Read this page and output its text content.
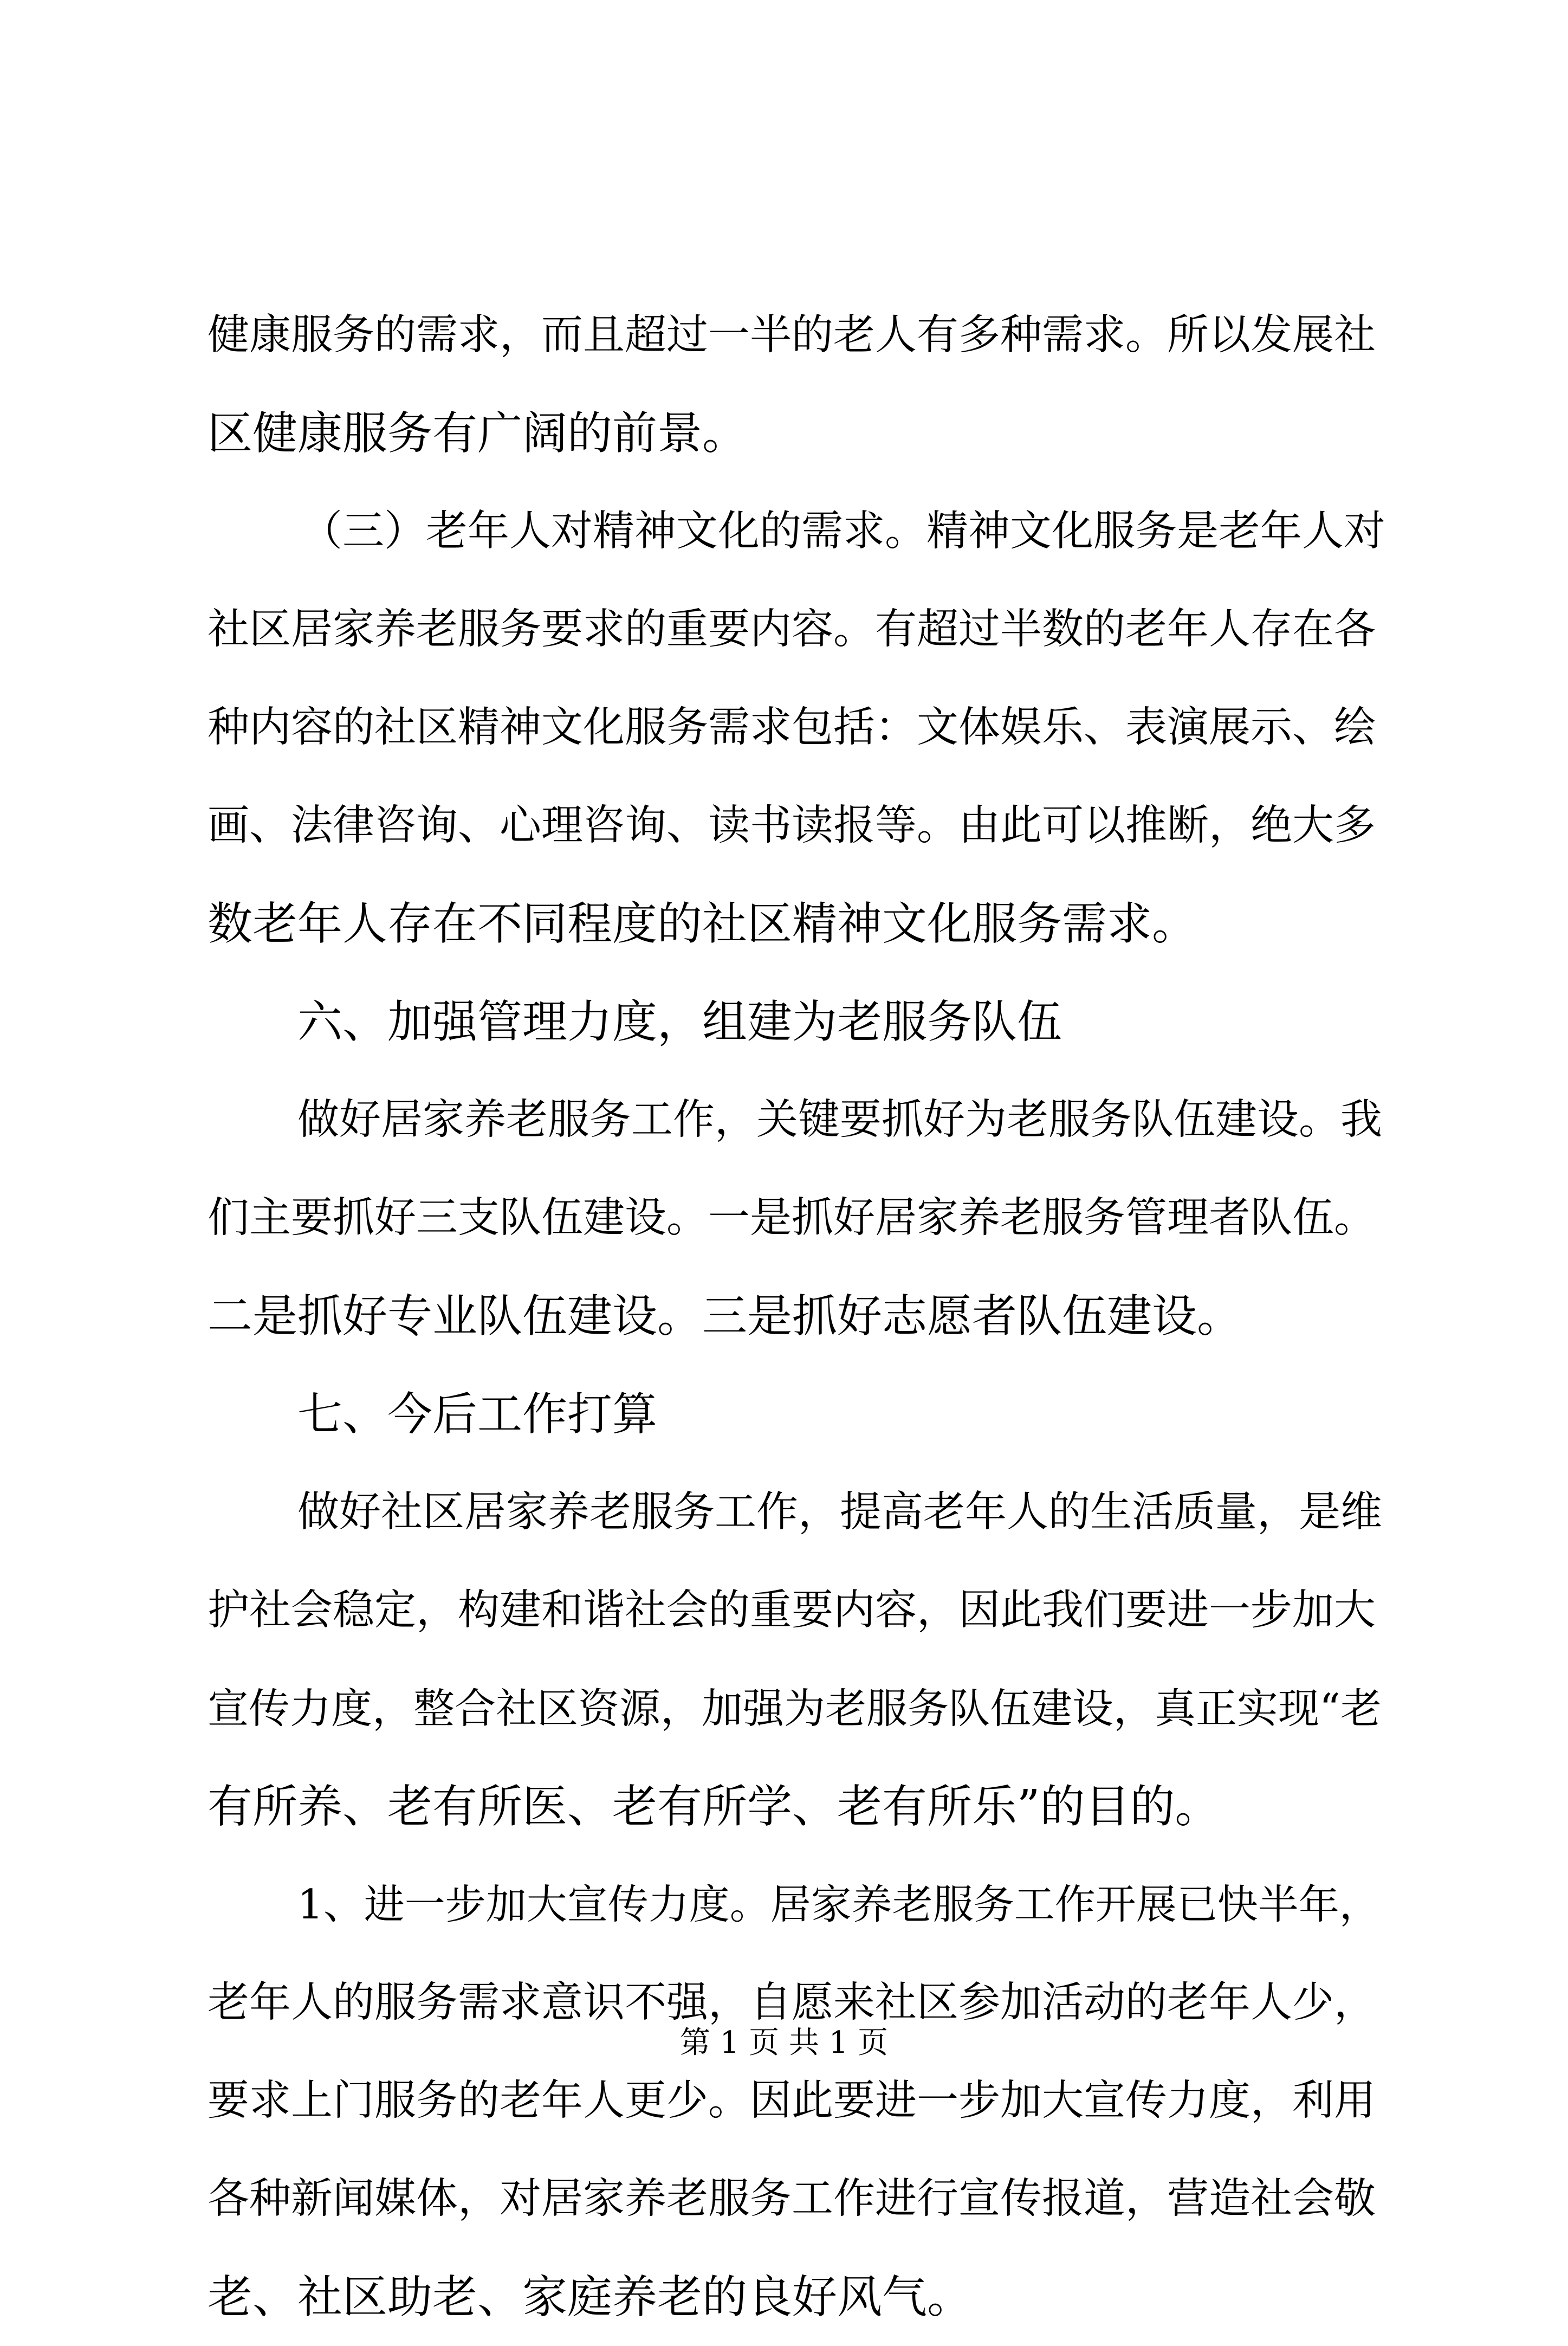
健康服务的需求，而且超过一半的老人有多种需求。所以发展社
区健康服务有广阔的前景。
（三）老年人对精神文化的需求。精神文化服务是老年人对
社区居家养老服务要求的重要内容。有超过半数的老年人存在各
种内容的社区精神文化服务需求包括：文体娱乐、表演展示、绘
画、法律咨询、心理咨询、读书读报等。由此可以推断，绝大多
数老年人存在不同程度的社区精神文化服务需求。
六、加强管理力度，组建为老服务队伍
做好居家养老服务工作，关键要抓好为老服务队伍建设。我
们主要抓好三支队伍建设。一是抓好居家养老服务管理者队伍。
二是抓好专业队伍建设。三是抓好志愿者队伍建设。
七、今后工作打算
做好社区居家养老服务工作，提高老年人的生活质量，是维
护社会稳定，构建和谐社会的重要内容，因此我们要进一步加大
宣传力度，整合社区资源，加强为老服务队伍建设，真正实现“老
有所养、老有所医、老有所学、老有所乐”的目的。
1、进一步加大宣传力度。居家养老服务工作开展已快半年，
老年人的服务需求意识不强，自愿来社区参加活动的老年人少，
要求上门服务的老年人更少。因此要进一步加大宣传力度，利用
各种新闻媒体，对居家养老服务工作进行宣传报道，营造社会敬
老、社区助老、家庭养老的良好风气。
第 1 页 共 1 页
